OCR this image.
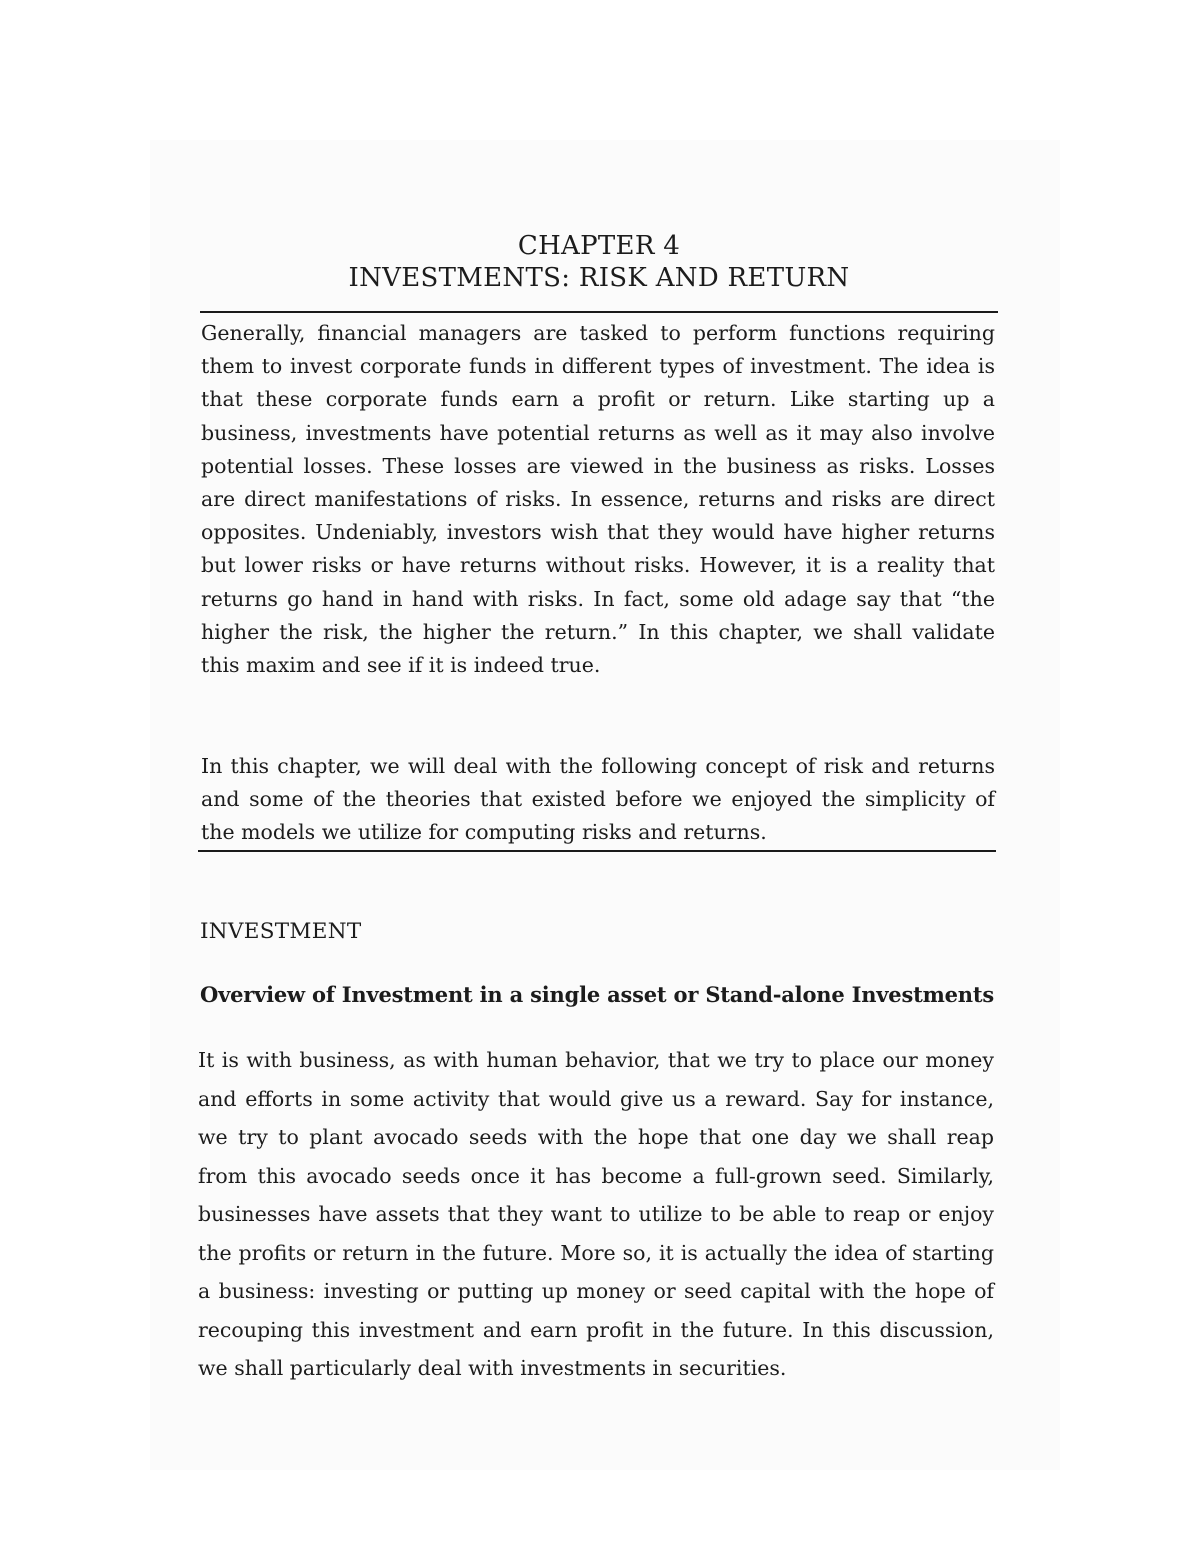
CHAPTER 4
INVESTMENTS: RISK AND RETURN

Generally, financial managers are tasked to perform functions requiring them to invest corporate funds in different types of investment. The idea is that these corporate funds earn a profit or return. Like starting up a business, investments have potential returns as well as it may also involve potential losses. These losses are viewed in the business as risks. Losses are direct manifestations of risks. In essence, returns and risks are direct opposites. Undeniably, investors wish that they would have higher returns but lower risks or have returns without risks. However, it is a reality that returns go hand in hand with risks. In fact, some old adage say that “the higher the risk, the higher the return.” In this chapter, we shall validate this maxim and see if it is indeed true.

In this chapter, we will deal with the following concept of risk and returns and some of the theories that existed before we enjoyed the simplicity of the models we utilize for computing risks and returns.

INVESTMENT
Overview of Investment in a single asset or Stand-alone Investments

It is with business, as with human behavior, that we try to place our money and efforts in some activity that would give us a reward. Say for instance, we try to plant avocado seeds with the hope that one day we shall reap from this avocado seeds once it has become a full-grown seed. Similarly, businesses have assets that they want to utilize to be able to reap or enjoy the profits or return in the future. More so, it is actually the idea of starting a business: investing or putting up money or seed capital with the hope of recouping this investment and earn profit in the future. In this discussion, we shall particularly deal with investments in securities.
